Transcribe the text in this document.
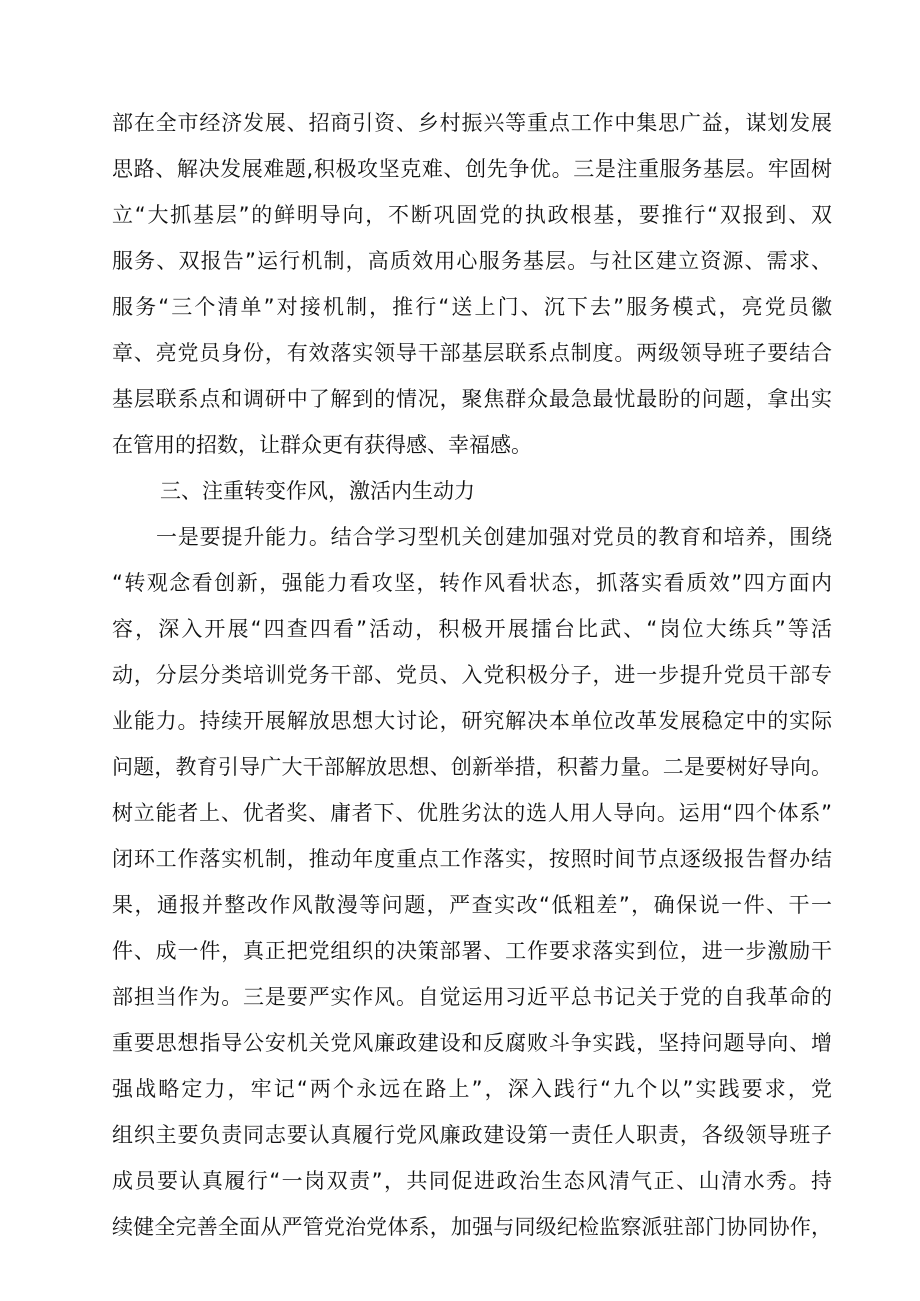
部在全市经济发展、招商引资、乡村振兴等重点工作中集思广益，谋划发展
思路、解决发展难题,积极攻坚克难、创先争优。三是注重服务基层。牢固树
立“大抓基层”的鲜明导向，不断巩固党的执政根基，要推行“双报到、双
服务、双报告”运行机制，高质效用心服务基层。与社区建立资源、需求、
服务“三个清单”对接机制，推行“送上门、沉下去”服务模式，亮党员徽
章、亮党员身份，有效落实领导干部基层联系点制度。两级领导班子要结合
基层联系点和调研中了解到的情况，聚焦群众最急最忧最盼的问题，拿出实
在管用的招数，让群众更有获得感、幸福感。
三、注重转变作风，激活内生动力
一是要提升能力。结合学习型机关创建加强对党员的教育和培养，围绕
“转观念看创新，强能力看攻坚，转作风看状态，抓落实看质效”四方面内
容，深入开展“四查四看”活动，积极开展擂台比武、“岗位大练兵”等活
动，分层分类培训党务干部、党员、入党积极分子，进一步提升党员干部专
业能力。持续开展解放思想大讨论，研究解决本单位改革发展稳定中的实际
问题，教育引导广大干部解放思想、创新举措，积蓄力量。二是要树好导向。
树立能者上、优者奖、庸者下、优胜劣汰的选人用人导向。运用“四个体系”
闭环工作落实机制，推动年度重点工作落实，按照时间节点逐级报告督办结
果，通报并整改作风散漫等问题，严查实改“低粗差”，确保说一件、干一
件、成一件，真正把党组织的决策部署、工作要求落实到位，进一步激励干
部担当作为。三是要严实作风。自觉运用习近平总书记关于党的自我革命的
重要思想指导公安机关党风廉政建设和反腐败斗争实践，坚持问题导向、增
强战略定力，牢记“两个永远在路上”，深入践行“九个以”实践要求，党
组织主要负责同志要认真履行党风廉政建设第一责任人职责，各级领导班子
成员要认真履行“一岗双责”，共同促进政治生态风清气正、山清水秀。持
续健全完善全面从严管党治党体系，加强与同级纪检监察派驻部门协同协作，
